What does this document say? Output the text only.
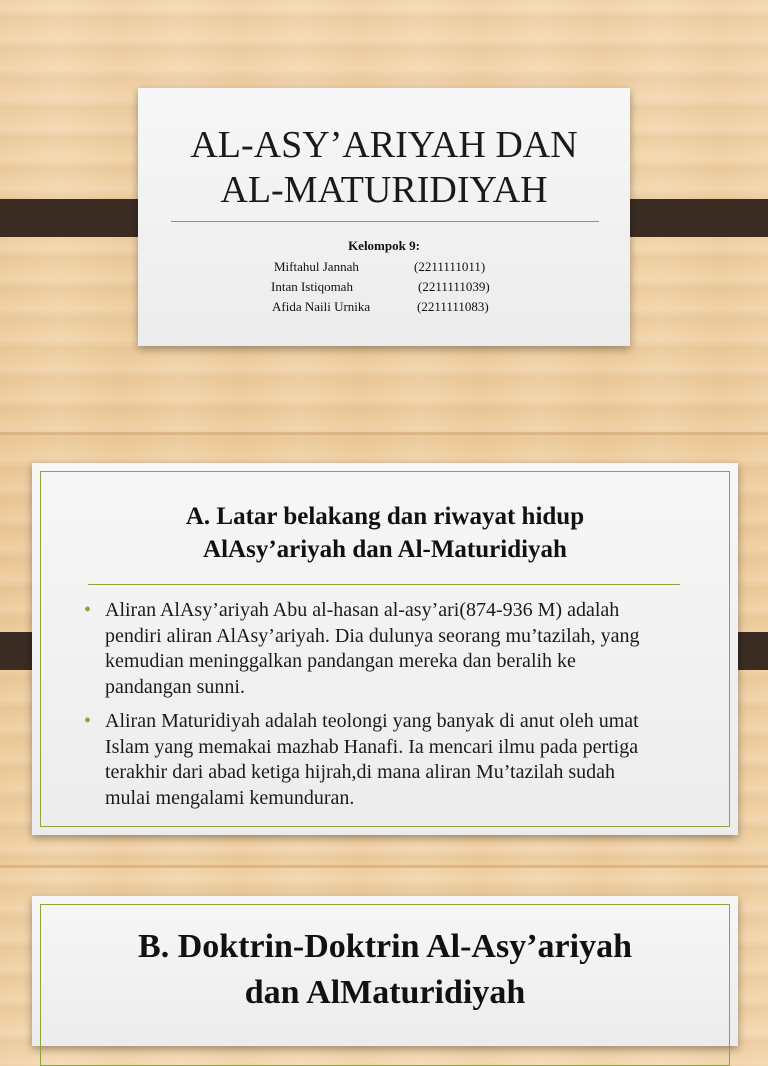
AL-ASY’ARIYAH DAN
AL-MATURIDIYAH
Kelompok 9:
Miftahul Jannah	(2211111011)
Intan Istiqomah	(2211111039)
Afida Naili Urnika	(2211111083)
A. Latar belakang dan riwayat hidup
AlAsy’ariyah dan Al-Maturidiyah
• Aliran AlAsy’ariyah Abu al-hasan al-asy’ari(874-936 M) adalah pendiri aliran AlAsy’ariyah. Dia dulunya seorang mu’tazilah, yang kemudian meninggalkan pandangan mereka dan beralih ke pandangan sunni.
• Aliran Maturidiyah adalah teolongi yang banyak di anut oleh umat Islam yang memakai mazhab Hanafi. Ia mencari ilmu pada pertiga terakhir dari abad ketiga hijrah,di mana aliran Mu’tazilah sudah mulai mengalami kemunduran.
B. Doktrin-Doktrin Al-Asy’ariyah
dan AlMaturidiyah
